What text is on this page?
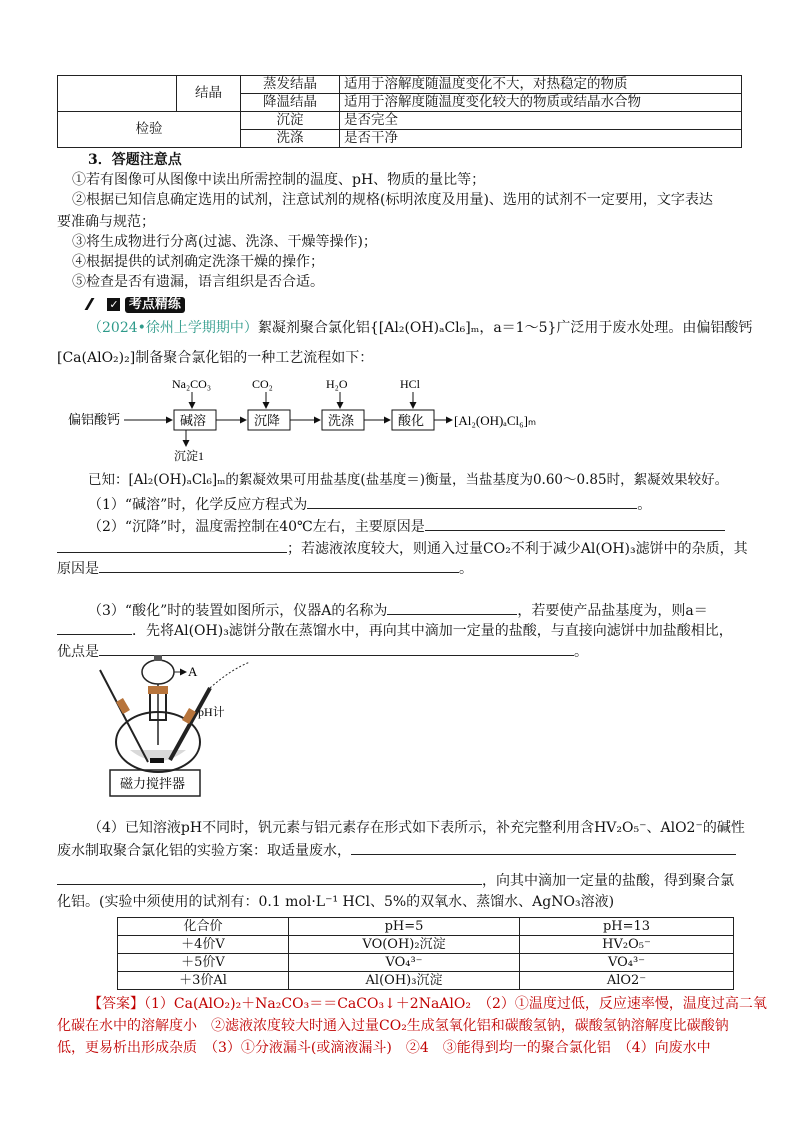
	结晶	蒸发结晶	适用于溶解度随温度变化不大，对热稳定的物质
		降温结晶	适用于溶解度随温度变化较大的物质或结晶水合物
检验		沉淀	是否完全
		洗涤	是否干净
3．答题注意点
①若有图像可从图像中读出所需控制的温度、pH、物质的量比等；
②根据已知信息确定选用的试剂，注意试剂的规格(标明浓度及用量)、选用的试剂不一定要用，文字表达
要准确与规范；
③将生成物进行分离(过滤、洗涤、干燥等操作)；
④根据提供的试剂确定洗涤干燥的操作；
⑤检查是否有遗漏，语言组织是否合适。
✓ 考点精练
（2024•徐州上学期期中）絮凝剂聚合氯化铝{[Al₂(OH)ₐCl₆]ₘ，a＝1～5}广泛用于废水处理。由偏铝酸钙
[Ca(AlO₂)₂]制备聚合氯化铝的一种工艺流程如下：
偏铝酸钙	碱溶	沉降	洗涤	酸化 [Al₂(OH)ₐCl₆]ₘ
Na₂CO₃	CO₂	H₂O	HCl
沉淀1
已知：[Al₂(OH)ₐCl₆]ₘ的絮凝效果可用盐基度(盐基度＝)衡量，当盐基度为0.60～0.85时，絮凝效果较好。
（1）“碱溶”时，化学反应方程式为	。
（2）“沉降”时，温度需控制在40℃左右，主要原因是
；若滤液浓度较大，则通入过量CO₂不利于减少Al(OH)₃滤饼中的杂质，其
原因是	。
（3）“酸化”时的装置如图所示，仪器A的名称为	，若要使产品盐基度为，则a＝
．先将Al(OH)₃滤饼分散在蒸馏水中，再向其中滴加一定量的盐酸，与直接向滤饼中加盐酸相比，
优点是	。
A
pH计
磁力搅拌器
（4）已知溶液pH不同时，钒元素与铝元素存在形式如下表所示，补充完整利用含HV₂O₅⁻、AlO2⁻的碱性
废水制取聚合氯化铝的实验方案：取适量废水，
，向其中滴加一定量的盐酸，得到聚合氯
化铝。(实验中须使用的试剂有：0.1 mol·L⁻¹ HCl、5%的双氧水、蒸馏水、AgNO₃溶液)
化合价	pH=5	pH=13
＋4价V	VO(OH)₂沉淀	HV₂O₅⁻
＋5价V	VO₄³⁻	VO₄³⁻
＋3价Al	Al(OH)₃沉淀	AlO2⁻
【答案】（1）Ca(AlO₂)₂＋Na₂CO₃＝＝CaCO₃↓＋2NaAlO₂　（2）①温度过低，反应速率慢，温度过高二氧
化碳在水中的溶解度小　②滤液浓度较大时通入过量CO₂生成氢氧化铝和碳酸氢钠，碳酸氢钠溶解度比碳酸钠
低，更易析出形成杂质　（3）①分液漏斗(或滴液漏斗)　②4　③能得到均一的聚合氯化铝　（4）向废水中
